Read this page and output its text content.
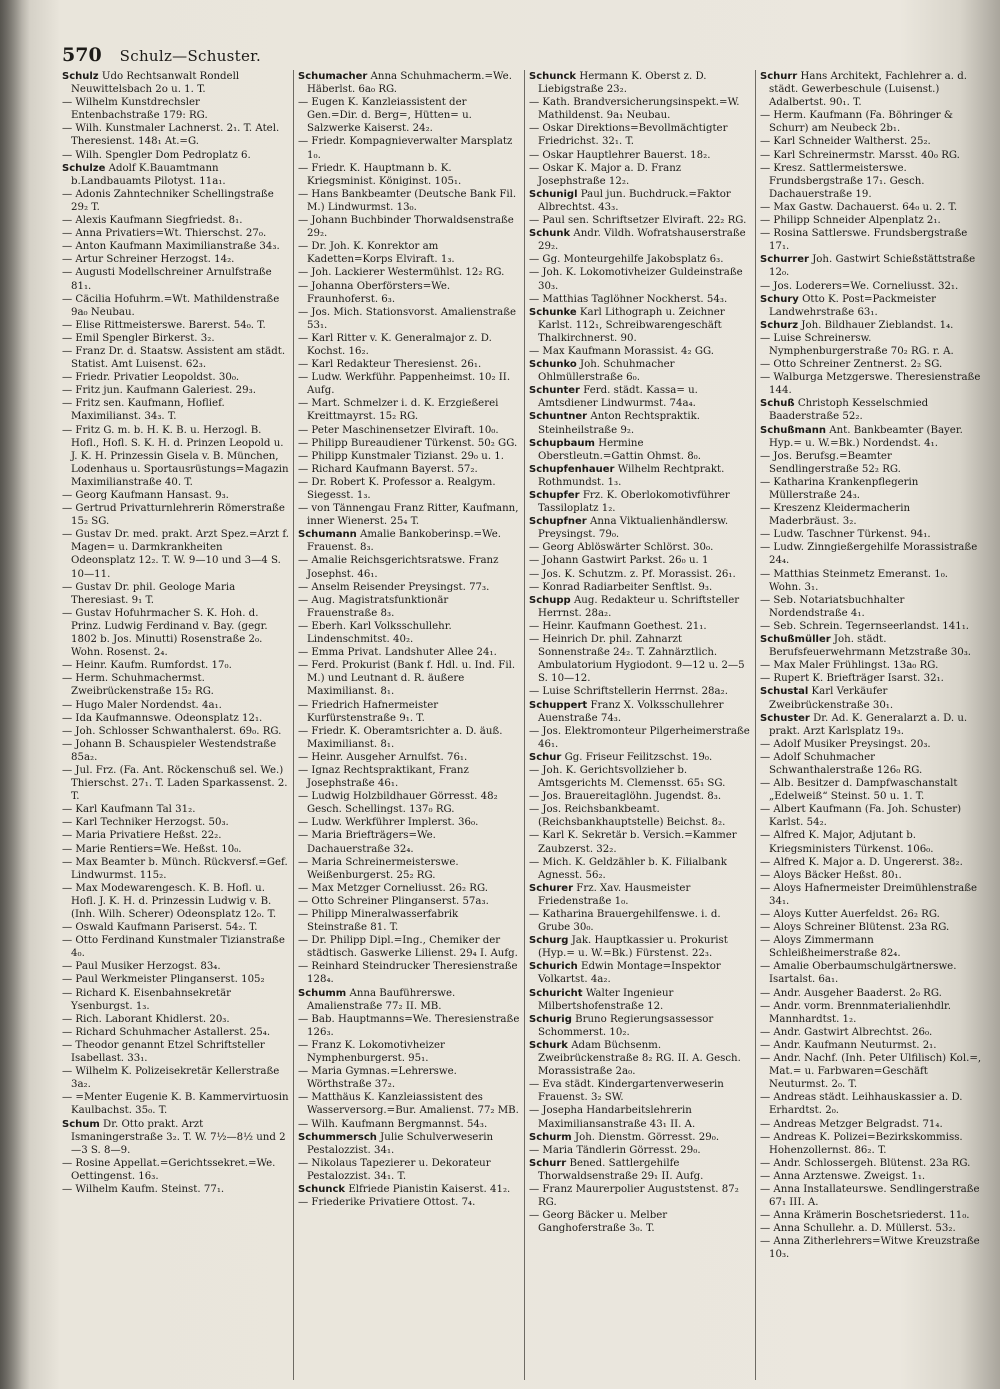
570 Schulz—Schuster.

Schulz Udo Rechtsanwalt Rondell Neuwittelsbach 2o u. 1. T.

— Wilhelm Kunstdrechsler Entenbachstraße 179: RG.

— Wilh. Kunstmaler Lachnerst. 2₁. T. Atel. Theresienst. 148₁ At.=G.

— Wilh. Spengler Dom Pedroplatz 6.

Schulze Adolf K.Bauamtmann b.Landbauamts Pilotyst. 11a₁.

— Adonis Zahntechniker Schellingstraße 29₂ T.

— Alexis Kaufmann Siegfriedst. 8₁.

— Anna Privatiers=Wt. Thierschst. 27₀.

— Anton Kaufmann Maximilianstraße 34₃.

— Artur Schreiner Herzogst. 14₂.

— Augusti Modellschreiner Arnulfstraße 81₁.

— Cäcilia Hofuhrm.=Wt. Mathildenstraße 9a₀ Neubau.

— Elise Rittmeisterswe. Barerst. 54₀. T.

— Emil Spengler Birkerst. 3₂.

— Franz Dr. d. Staatsw. Assistent am städt. Statist. Amt Luisenst. 62₃.

— Friedr. Privatier Leopoldst. 30₀.

— Fritz jun. Kaufmann Galeriest. 29₃.

— Fritz sen. Kaufmann, Hoflief. Maximilianst. 34₃. T.

— Fritz G. m. b. H. K. B. u. Herzogl. B. Hofl., Hofl. S. K. H. d. Prinzen Leopold u. J. K. H. Prinzessin Gisela v. B. München, Lodenhaus u. Sportausrüstungs=Magazin Maximilianstraße 40. T.

— Georg Kaufmann Hansast. 9₃.

— Gertrud Privatturnlehrerin Römerstraße 15₂ SG.

— Gustav Dr. med. prakt. Arzt Spez.=Arzt f. Magen= u. Darmkrankheiten Odeonsplatz 12₂. T. W. 9—10 und 3—4 S. 10—11.

— Gustav Dr. phil. Geologe Maria Theresiast. 9₁ T.

— Gustav Hofuhrmacher S. K. Hoh. d. Prinz. Ludwig Ferdinand v. Bay. (gegr. 1802 b. Jos. Minutti) Rosenstraße 2₀. Wohn. Rosenst. 2₄.

— Heinr. Kaufm. Rumfordst. 17₀.

— Herm. Schuhmachermst. Zweibrückenstraße 15₂ RG.

— Hugo Maler Nordendst. 4a₁.

— Ida Kaufmannswe. Odeonsplatz 12₁.

— Joh. Schlosser Schwanthalerst. 69₀. RG.

— Johann B. Schauspieler Westendstraße 85a₂.

— Jul. Frz. (Fa. Ant. Röckenschuß sel. We.) Thierschst. 27₁. T. Laden Sparkassenst. 2. T.

— Karl Kaufmann Tal 31₂.

— Karl Techniker Herzogst. 50₃.

— Maria Privatiere Heßst. 22₂.

— Marie Rentiers=We. Heßst. 10₀.

— Max Beamter b. Münch. Rückversf.=Gef. Lindwurmst. 115₂.

— Max Modewarengesch. K. B. Hofl. u. Hofl. J. K. H. d. Prinzessin Ludwig v. B. (Inh. Wilh. Scherer) Odeonsplatz 12₀. T.

— Oswald Kaufmann Pariserst. 54₂. T.

— Otto Ferdinand Kunstmaler Tizianstraße 4₀.

— Paul Musiker Herzogst. 83₄.

— Paul Werkmeister Plinganserst. 105₂

— Richard K. Eisenbahnsekretär Ysenburgst. 1₃.

— Rich. Laborant Khidlerst. 20₃.

— Richard Schuhmacher Astallerst. 25₄.

— Theodor genannt Etzel Schriftsteller Isabellast. 33₁.

— Wilhelm K. Polizeisekretär Kellerstraße 3a₂.

— =Menter Eugenie K. B. Kammervirtuosin Kaulbachst. 35₀. T.

Schum Dr. Otto prakt. Arzt Ismaningerstraße 3₂. T. W. 7½—8½ und 2—3 S. 8—9.

— Rosine Appellat.=Gerichtssekret.=We. Oettingenst. 16₃.

— Wilhelm Kaufm. Steinst. 77₁.

Schumacher Anna Schuhmacherm.=We. Häberlst. 6a₀ RG.

— Eugen K. Kanzleiassistent der Gen.=Dir. d. Berg=, Hütten= u. Salzwerke Kaiserst. 24₂.

— Friedr. Kompagnieverwalter Marsplatz 1₀.

— Friedr. K. Hauptmann b. K. Kriegsminist. Königinst. 105₁.

— Hans Bankbeamter (Deutsche Bank Fil. M.) Lindwurmst. 13₀.

— Johann Buchbinder Thorwaldsenstraße 29₂.

— Dr. Joh. K. Konrektor am Kadetten=Korps Elviraft. 1₃.

— Joh. Lackierer Westermühlst. 12₂ RG.

— Johanna Oberförsters=We. Fraunhoferst. 6₃.

— Jos. Mich. Stationsvorst. Amalienstraße 53₁.

— Karl Ritter v. K. Generalmajor z. D. Kochst. 16₂.

— Karl Redakteur Theresienst. 26₁.

— Ludw. Werkführ. Pappenheimst. 10₂ II. Aufg.

— Mart. Schmelzer i. d. K. Erzgießerei Kreittmayrst. 15₂ RG.

— Peter Maschinensetzer Elviraft. 10₀.

— Philipp Bureaudiener Türkenst. 50₂ GG.

— Philipp Kunstmaler Tizianst. 29₀ u. 1.

— Richard Kaufmann Bayerst. 57₂.

— Dr. Robert K. Professor a. Realgym. Siegesst. 1₃.

— von Tännengau Franz Ritter, Kaufmann, inner Wienerst. 25₄ T.

Schumann Amalie Bankoberinsp.=We. Frauenst. 8₃.

— Amalie Reichsgerichtsratswe. Franz Josephst. 46₁.

— Anselm Reisender Preysingst. 77₃.

— Aug. Magistratsfunktionär Frauenstraße 8₃.

— Eberh. Karl Volksschullehr. Lindenschmitst. 40₂.

— Emma Privat. Landshuter Allee 24₁.

— Ferd. Prokurist (Bank f. Hdl. u. Ind. Fil. M.) und Leutnant d. R. äußere Maximilianst. 8₁.

— Friedrich Hafnermeister Kurfürstenstraße 9₁. T.

— Friedr. K. Oberamtsrichter a. D. äuß. Maximilianst. 8₁.

— Heinr. Ausgeher Arnulfst. 76₁.

— Ignaz Rechtspraktikant, Franz Josephstraße 46₁.

— Ludwig Holzbildhauer Görresst. 48₂ Gesch. Schellingst. 137₀ RG.

— Ludw. Werkführer Implerst. 36₀.

— Maria Briefträgers=We. Dachauerstraße 32₄.

— Maria Schreinermeisterswe. Weißenburgerst. 25₂ RG.

— Max Metzger Corneliusst. 26₂ RG.

— Otto Schreiner Plinganserst. 57a₃.

— Philipp Mineralwasserfabrik Steinstraße 81. T.

— Dr. Philipp Dipl.=Ing., Chemiker der städtisch. Gaswerke Lilienst. 29₄ I. Aufg.

— Reinhard Steindrucker Theresienstraße 128₄.

Schumm Anna Bauführerswe. Amalienstraße 77₂ II. MB.

— Bab. Hauptmanns=We. Theresienstraße 126₃.

— Franz K. Lokomotivheizer Nymphenburgerst. 95₁.

— Maria Gymnas.=Lehrerswe. Wörthstraße 37₂.

— Matthäus K. Kanzleiassistent des Wasserversorg.=Bur. Amalienst. 77₂ MB.

— Wilh. Kaufmann Bergmannst. 54₃.

Schummersch Julie Schulverweserin Pestalozzist. 34₁.

— Nikolaus Tapezierer u. Dekorateur Pestalozzist. 34₁. T.

Schunck Elfriede Pianistin Kaiserst. 41₂.

— Friederike Privatiere Ottost. 7₄.

Schunck Hermann K. Oberst z. D. Liebigstraße 23₂.

— Kath. Brandversicherungsinspekt.=W. Mathildenst. 9a₁ Neubau.

— Oskar Direktions=Bevollmächtigter Friedrichst. 32₁. T.

— Oskar Hauptlehrer Bauerst. 18₂.

— Oskar K. Major a. D. Franz Josephstraße 12₂.

Schunigl Paul jun. Buchdruck.=Faktor Albrechtst. 43₃.

— Paul sen. Schriftsetzer Elviraft. 22₂ RG.

Schunk Andr. Vildh. Wofratshauserstraße 29₂.

— Gg. Monteurgehilfe Jakobsplatz 6₃.

— Joh. K. Lokomotivheizer Guldeinstraße 30₃.

— Matthias Taglöhner Nockherst. 54₃.

Schunke Karl Lithograph u. Zeichner Karlst. 112₁, Schreibwarengeschäft Thalkirchnerst. 90.

— Max Kaufmann Morassist. 4₂ GG.

Schunko Joh. Schuhmacher Ohlmüllerstraße 6₀.

Schunter Ferd. städt. Kassa= u. Amtsdiener Lindwurmst. 74a₄.

Schuntner Anton Rechtspraktik. Steinheilstraße 9₂.

Schupbaum Hermine Oberstleutn.=Gattin Ohmst. 8₀.

Schupfenhauer Wilhelm Rechtprakt. Rothmundst. 1₃.

Schupfer Frz. K. Oberlokomotivführer Tassiloplatz 1₂.

Schupfner Anna Viktualienhändlersw. Preysingst. 79₀.

— Georg Ablöswärter Schlörst. 30₀.

— Johann Gastwirt Parkst. 26₀ u. 1

— Jos. K. Schutzm. z. Pf. Morassist. 26₁.

— Konrad Radiarbeiter Senftlst. 9₃.

Schupp Aug. Redakteur u. Schriftsteller Herrnst. 28a₂.

— Heinr. Kaufmann Goethest. 21₁.

— Heinrich Dr. phil. Zahnarzt Sonnenstraße 24₂. T. Zahnärztlich. Ambulatorium Hygiodont. 9—12 u. 2—5 S. 10—12.

— Luise Schriftstellerin Herrnst. 28a₂.

Schuppert Franz X. Volksschullehrer Auenstraße 74₃.

— Jos. Elektromonteur Pilgerheimerstraße 46₁.

Schur Gg. Friseur Feilitzschst. 19₀.

— Joh. K. Gerichtsvollzieher b. Amtsgerichts M. Clemensst. 65₁ SG.

— Jos. Brauereitaglöhn. Jugendst. 8₃.

— Jos. Reichsbankbeamt. (Reichsbankhauptstelle) Beichst. 8₂.

— Karl K. Sekretär b. Versich.=Kammer Zaubzerst. 32₂.

— Mich. K. Geldzähler b. K. Filialbank Agnesst. 56₂.

Schurer Frz. Xav. Hausmeister Friedenstraße 1₀.

— Katharina Brauergehilfenswe. i. d. Grube 30₀.

Schurg Jak. Hauptkassier u. Prokurist (Hyp.= u. W.=Bk.) Fürstenst. 22₃.

Schurich Edwin Montage=Inspektor Volkartst. 4a₂.

Schuricht Walter Ingenieur Milbertshofenstraße 12.

Schurig Bruno Regierungsassessor Schommerst. 10₂.

Schurk Adam Büchsenm. Zweibrückenstraße 8₂ RG. II. A. Gesch. Morassistraße 2a₀.

— Eva städt. Kindergartenverweserin Frauenst. 3₂ SW.

— Josepha Handarbeitslehrerin Maximiliansanstraße 43₁ II. A.

Schurm Joh. Dienstm. Görresst. 29₀.

— Maria Tändlerin Görresst. 29₀.

Schurr Bened. Sattlergehilfe Thorwaldsenstraße 29₁ II. Aufg.

— Franz Maurerpolier Auguststenst. 87₂ RG.

— Georg Bäcker u. Melber Ganghoferstraße 3₀. T.

Schurr Hans Architekt, Fachlehrer a. d. städt. Gewerbeschule (Luisenst.) Adalbertst. 90₁. T.

— Herm. Kaufmann (Fa. Böhringer & Schurr) am Neubeck 2b₁.

— Karl Schneider Waltherst. 25₂.

— Karl Schreinermstr. Marsst. 40₀ RG.

— Kresz. Sattlermeisterswe. Frundsbergstraße 17₁. Gesch. Dachauerstraße 19.

— Max Gastw. Dachauerst. 64₀ u. 2. T.

— Philipp Schneider Alpenplatz 2₁.

— Rosina Sattlerswe. Frundsbergstraße 17₁.

Schurrer Joh. Gastwirt Schießstättstraße 12₀.

— Jos. Loderers=We. Corneliusst. 32₁.

Schury Otto K. Post=Packmeister Landwehrstraße 63₁.

Schurz Joh. Bildhauer Zieblandst. 1₄.

— Luise Schreinersw. Nymphenburgerstraße 70₂ RG. r. A.

— Otto Schreiner Zentnerst. 2₂ SG.

— Walburga Metzgerswe. Theresienstraße 144.

Schuß Christoph Kesselschmied Baaderstraße 52₂.

Schußmann Ant. Bankbeamter (Bayer. Hyp.= u. W.=Bk.) Nordendst. 4₁.

— Jos. Berufsg.=Beamter Sendlingerstraße 52₂ RG.

— Katharina Krankenpflegerin Müllerstraße 24₃.

— Kreszenz Kleidermacherin Maderbräust. 3₂.

— Ludw. Taschner Türkenst. 94₁.

— Ludw. Zinngießergehilfe Morassistraße 24₄.

— Matthias Steinmetz Emeranst. 1₀. Wohn. 3₁.

— Seb. Notariatsbuchhalter Nordendstraße 4₁.

— Seb. Schrein. Tegernseerlandst. 141₁.

Schußmüller Joh. städt. Berufsfeuerwehrmann Metzstraße 30₃.

— Max Maler Frühlingst. 13a₀ RG.

— Rupert K. Briefträger Isarst. 32₁.

Schustal Karl Verkäufer Zweibrückenstraße 30₁.

Schuster Dr. Ad. K. Generalarzt a. D. u. prakt. Arzt Karlsplatz 19₃.

— Adolf Musiker Preysingst. 20₃.

— Adolf Schuhmacher Schwanthalerstraße 126₀ RG.

— Alb. Besitzer d. Dampfwaschanstalt „Edelweiß“ Steinst. 50 u. 1. T.

— Albert Kaufmann (Fa. Joh. Schuster) Karlst. 54₂.

— Alfred K. Major, Adjutant b. Kriegsministers Türkenst. 106₀.

— Alfred K. Major a. D. Ungererst. 38₂.

— Aloys Bäcker Heßst. 80₁.

— Aloys Hafnermeister Dreimühlenstraße 34₁.

— Aloys Kutter Auerfeldst. 26₂ RG.

— Aloys Schreiner Blütenst. 23a RG.

— Aloys Zimmermann Schleißheimerstraße 82₄.

— Amalie Oberbaumschulgärtnerswe. Isartalst. 6a₁.

— Andr. Ausgeher Baaderst. 2₀ RG.

— Andr. vorm. Brennmaterialienhdlr. Mannhardtst. 1₂.

— Andr. Gastwirt Albrechtst. 26₀.

— Andr. Kaufmann Neuturmst. 2₁.

— Andr. Nachf. (Inh. Peter Ulfilisch) Kol.=, Mat.= u. Farbwaren=Geschäft Neuturmst. 2₀. T.

— Andreas städt. Leihhauskassier a. D. Erhardtst. 2₀.

— Andreas Metzger Belgradst. 71₄.

— Andreas K. Polizei=Bezirkskommiss. Hohenzollernst. 86₂. T.

— Andr. Schlossergeh. Blütenst. 23a RG.

— Anna Arztenswe. Zweigst. 1₁.

— Anna Installateurswe. Sendlingerstraße 67₁ III. A.

— Anna Krämerin Boschetsriederst. 11₀.

— Anna Schullehr. a. D. Müllerst. 53₂.

— Anna Zitherlehrers=Witwe Kreuzstraße 10₃.
